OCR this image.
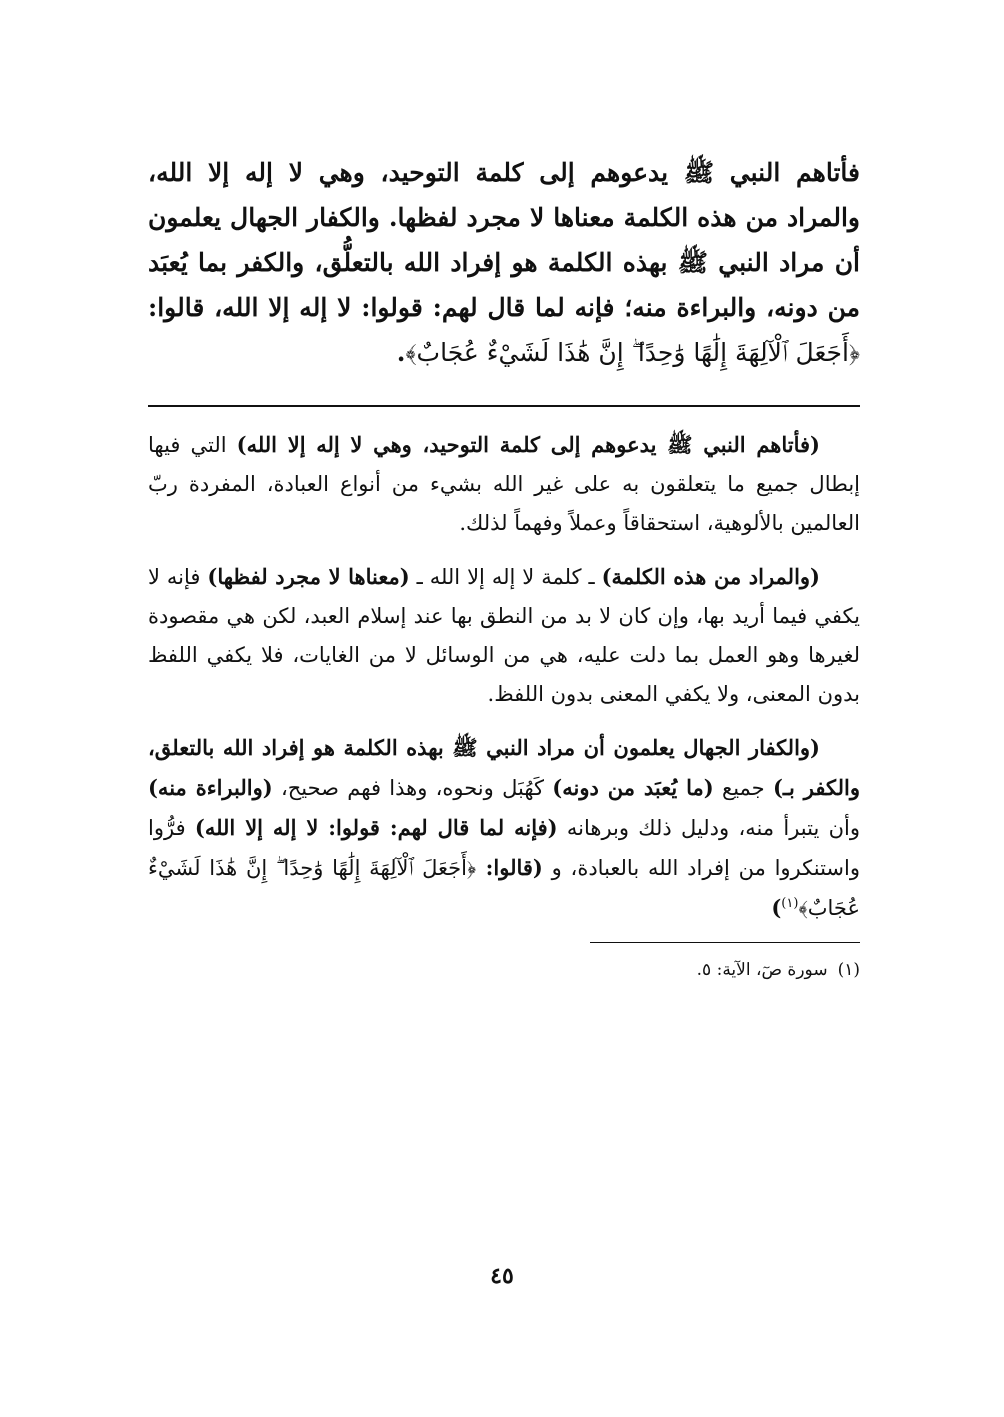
فأتاهم النبي ﷺ يدعوهم إلى كلمة التوحيد، وهي لا إله إلا الله، والمراد من هذه الكلمة معناها لا مجرد لفظها. والكفار الجهال يعلمون أن مراد النبي ﷺ بهذه الكلمة هو إفراد الله بالتعلُّق، والكفر بما يُعبَد من دونه، والبراءة منه؛ فإنه لما قال لهم: قولوا: لا إله إلا الله، قالوا: ﴿أَجَعَلَ ٱلْآلِهَةَ إِلَٰهًا وَٰحِدًا ۖ إِنَّ هَٰذَا لَشَيْءٌ عُجَابٌ﴾.

(فأتاهم النبي ﷺ يدعوهم إلى كلمة التوحيد، وهي لا إله إلا الله) التي فيها إبطال جميع ما يتعلقون به على غير الله بشيء من أنواع العبادة، المفردة ربّ العالمين بالألوهية، استحقاقاً وعملاً وفهماً لذلك.

(والمراد من هذه الكلمة) ـ كلمة لا إله إلا الله ـ (معناها لا مجرد لفظها) فإنه لا يكفي فيما أريد بها، وإن كان لا بد من النطق بها عند إسلام العبد، لكن هي مقصودة لغيرها وهو العمل بما دلت عليه، هي من الوسائل لا من الغايات، فلا يكفي اللفظ بدون المعنى، ولا يكفي المعنى بدون اللفظ.

(والكفار الجهال يعلمون أن مراد النبي ﷺ بهذه الكلمة هو إفراد الله بالتعلق، والكفر بـ) جميع (ما يُعبَد من دونه) كَهُبَل ونحوه، وهذا فهم صحيح، (والبراءة منه) وأن يتبرأ منه، ودليل ذلك وبرهانه (فإنه لما قال لهم: قولوا: لا إله إلا الله) فرُّوا واستنكروا من إفراد الله بالعبادة، و (قالوا: ﴿أَجَعَلَ ٱلْآلِهَةَ إِلَٰهًا وَٰحِدًا ۖ إِنَّ هَٰذَا لَشَيْءٌ عُجَابٌ﴾$^{(١)}$)

(١)سورة صٓ، الآية: ٥.
٤٥
